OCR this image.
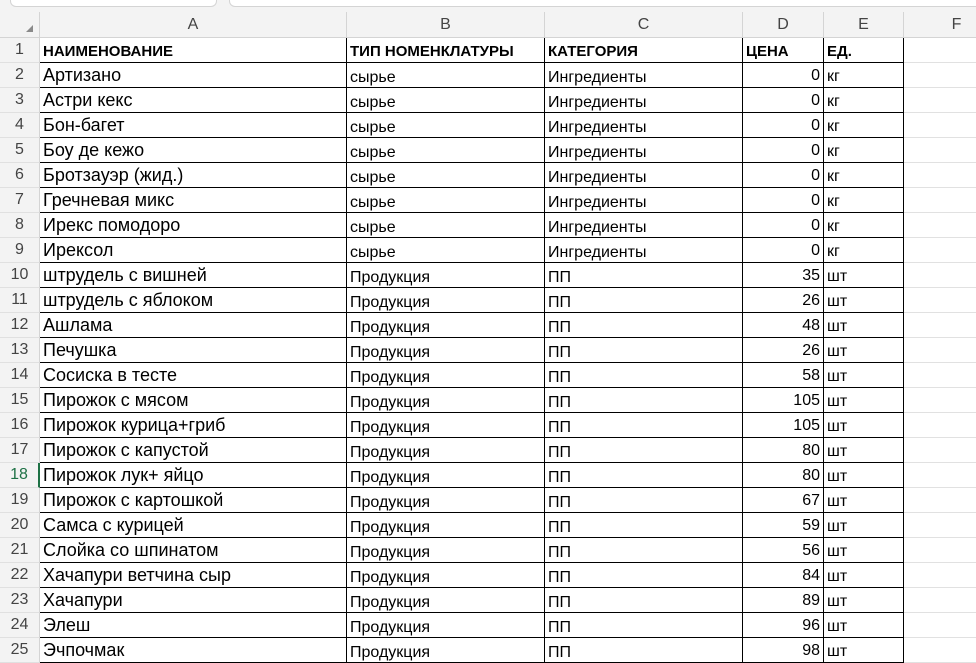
A	B	C	D	E	F
1	НАИМЕНОВАНИЕ	ТИП НОМЕНКЛАТУРЫ	КАТЕГОРИЯ	ЦЕНА	ЕД.
2	Артизано	сырье	Ингредиенты	0 кг
3	Астри кекс	сырье	Ингредиенты	0 кг
4	Бон-багет	сырье	Ингредиенты	0 кг
5	Боу де кежо	сырье	Ингредиенты	0 кг
6	Бротзауэр (жид.)	сырье	Ингредиенты	0 кг
7	Гречневая микс	сырье	Ингредиенты	0 кг
8	Ирекс помодоро	сырье	Ингредиенты	0 кг
9	Ирексол	сырье	Ингредиенты	0 кг
10 штрудель с вишней	Продукция	ПП	35 шт
11 штрудель с яблоком	Продукция	ПП	26 шт
12 Ашлама	Продукция	ПП	48 шт
13 Печушка	Продукция	ПП	26 шт
14 Сосиска в тесте	Продукция	ПП	58 шт
15 Пирожок с мясом	Продукция	ПП	105 шт
16 Пирожок курица+гриб	Продукция	ПП	105 шт
17 Пирожок с капустой	Продукция	ПП	80 шт
18 Пирожок лук+ яйцо	Продукция	ПП	80 шт
19 Пирожок с картошкой	Продукция	ПП	67 шт
20 Самса с курицей	Продукция	ПП	59 шт
21 Слойка со шпинатом	Продукция	ПП	56 шт
22 Хачапури ветчина сыр	Продукция	ПП	84 шт
23 Хачапури	Продукция	ПП	89 шт
24 Элеш	Продукция	ПП	96 шт
25 Эчпочмак	Продукция	ПП	98 шт
